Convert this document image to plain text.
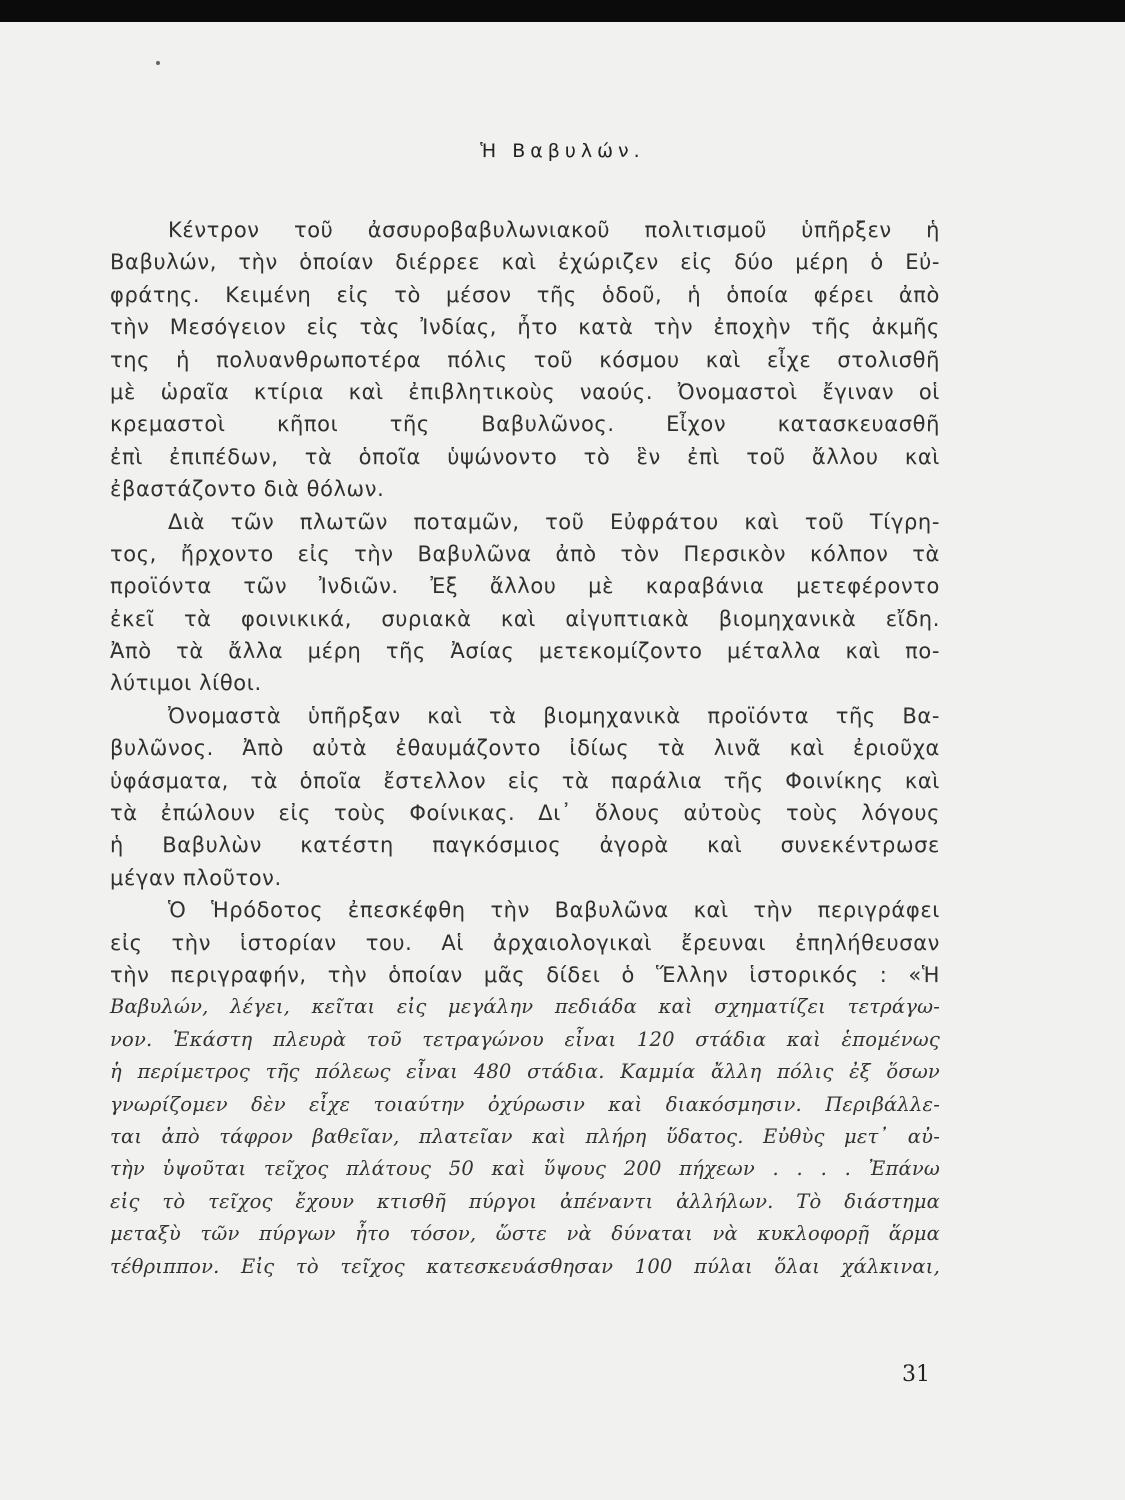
Ἡ Βαβυλών.
Κέντρον τοῦ ἀσσυροβαβυλωνιακοῦ πολιτισμοῦ ὑπῆρξεν ἡ
Βαβυλών, τὴν ὁποίαν διέρρεε καὶ ἐχώριζεν εἰς δύο μέρη ὁ Εὐ-
φράτης. Κειμένη εἰς τὸ μέσον τῆς ὁδοῦ, ἡ ὁποία φέρει ἀπὸ
τὴν Μεσόγειον εἰς τὰς Ἰνδίας, ἦτο κατὰ τὴν ἐποχὴν τῆς ἀκμῆς
της ἡ πολυανθρωποτέρα πόλις τοῦ κόσμου καὶ εἶχε στολισθῆ
μὲ ὡραῖα κτίρια καὶ ἐπιβλητικοὺς ναούς. Ὀνομαστοὶ ἔγιναν οἱ
κρεμαστοὶ κῆποι τῆς Βαβυλῶνος. Εἶχον κατασκευασθῆ
ἐπὶ ἐπιπέδων, τὰ ὁποῖα ὑψώνοντο τὸ ἓν ἐπὶ τοῦ ἄλλου καὶ
ἐβαστάζοντο διὰ θόλων.
Διὰ τῶν πλωτῶν ποταμῶν, τοῦ Εὐφράτου καὶ τοῦ Τίγρη-
τος, ἤρχοντο εἰς τὴν Βαβυλῶνα ἀπὸ τὸν Περσικὸν κόλπον τὰ
προϊόντα τῶν Ἰνδιῶν. Ἐξ ἄλλου μὲ καραβάνια μετεφέροντο
ἐκεῖ τὰ φοινικικά, συριακὰ καὶ αἰγυπτιακὰ βιομηχανικὰ εἴδη.
Ἀπὸ τὰ ἄλλα μέρη τῆς Ἀσίας μετεκομίζοντο μέταλλα καὶ πο-
λύτιμοι λίθοι.
Ὀνομαστὰ ὑπῆρξαν καὶ τὰ βιομηχανικὰ προϊόντα τῆς Βα-
βυλῶνος. Ἀπὸ αὐτὰ ἐθαυμάζοντο ἰδίως τὰ λινᾶ καὶ ἐριοῦχα
ὑφάσματα, τὰ ὁποῖα ἔστελλον εἰς τὰ παράλια τῆς Φοινίκης καὶ
τὰ ἐπώλουν εἰς τοὺς Φοίνικας. Δι᾽ ὅλους αὐτοὺς τοὺς λόγους
ἡ Βαβυλὼν κατέστη παγκόσμιος ἀγορὰ καὶ συνεκέντρωσε
μέγαν πλοῦτον.
Ὁ Ἡρόδοτος ἐπεσκέφθη τὴν Βαβυλῶνα καὶ τὴν περιγράφει
εἰς τὴν ἱστορίαν του. Αἱ ἀρχαιολογικαὶ ἔρευναι ἐπηλήθευσαν
τὴν περιγραφήν, τὴν ὁποίαν μᾶς δίδει ὁ Ἕλλην ἱστορικός : «Ἡ
Βαβυλών, λέγει, κεῖται εἰς μεγάλην πεδιάδα καὶ σχηματίζει τετράγω-
νον. Ἑκάστη πλευρὰ τοῦ τετραγώνου εἶναι 120 στάδια καὶ ἑπομένως
ἡ περίμετρος τῆς πόλεως εἶναι 480 στάδια. Καμμία ἄλλη πόλις ἐξ ὅσων
γνωρίζομεν δὲν εἶχε τοιαύτην ὀχύρωσιν καὶ διακόσμησιν. Περιβάλλε-
ται ἀπὸ τάφρον βαθεῖαν, πλατεῖαν καὶ πλήρη ὕδατος. Εὐθὺς μετ᾽ αὐ-
τὴν ὑψοῦται τεῖχος πλάτους 50 καὶ ὕψους 200 πήχεων . . . . Ἐπάνω
εἰς τὸ τεῖχος ἔχουν κτισθῆ πύργοι ἀπέναντι ἀλλήλων. Τὸ διάστημα
μεταξὺ τῶν πύργων ἦτο τόσον, ὥστε νὰ δύναται νὰ κυκλοφορῇ ἅρμα
τέθριππον. Εἰς τὸ τεῖχος κατεσκευάσθησαν 100 πύλαι ὅλαι χάλκιναι,
31
